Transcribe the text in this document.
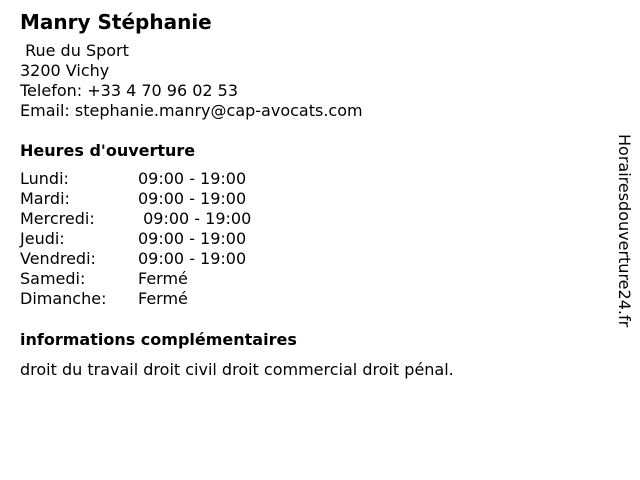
Manry Stéphanie
Rue du Sport
3200 Vichy
Telefon: +33 4 70 96 02 53
Email: stephanie.manry@cap-avocats.com
Heures d'ouverture
Lundi:	09:00 - 19:00
Mardi:	09:00 - 19:00
Mercredi:	09:00 - 19:00
Jeudi:	09:00 - 19:00
Vendredi:	09:00 - 19:00
Samedi:	Fermé
Dimanche:	Fermé
informations complémentaires
droit du travail droit civil droit commercial droit pénal.
Horairesdouverture24.fr
